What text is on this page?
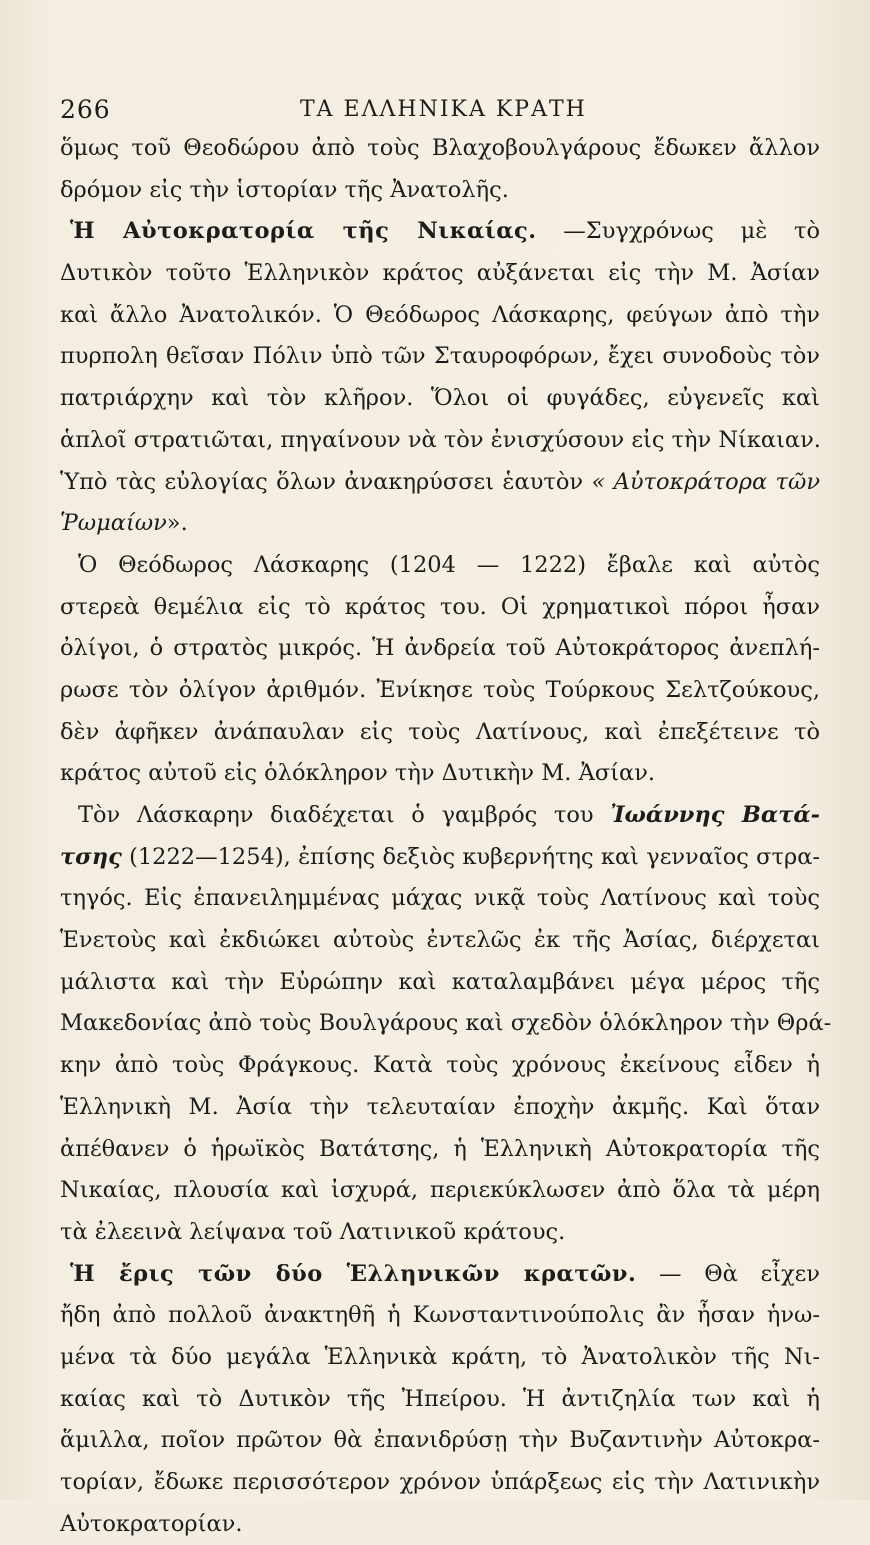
266	ΤΑ ΕΛΛΗΝΙΚΑ ΚΡΑΤΗ
ὅμως τοῦ Θεοδώρου ἀπὸ τοὺς Βλαχοβουλγάρους ἔδωκεν ἄλλον
δρόμον εἰς τὴν ἱστορίαν τῆς Ἀνατολῆς.
Ἡ Αὐτοκρατορία τῆς Νικαίας. —Συγχρόνως μὲ τὸ
Δυτικὸν τοῦτο Ἑλληνικὸν κράτος αὐξάνεται εἰς τὴν Μ. Ἀσίαν
καὶ ἄλλο Ἀνατολικόν. Ὁ Θεόδωρος Λάσκαρης, φεύγων ἀπὸ τὴν
πυρπολη θεῖσαν Πόλιν ὑπὸ τῶν Σταυροφόρων, ἔχει συνοδοὺς τὸν
πατριάρχην καὶ τὸν κλῆρον. Ὅλοι οἱ φυγάδες, εὐγενεῖς καὶ
ἁπλοῖ στρατιῶται, πηγαίνουν νὰ τὸν ἐνισχύσουν εἰς τὴν Νίκαιαν.
Ὑπὸ τὰς εὐλογίας ὅλων ἀνακηρύσσει ἑαυτὸν « Αὐτοκράτορα τῶν
Ῥωμαίων».
Ὁ Θεόδωρος Λάσκαρης (1204 — 1222) ἔβαλε καὶ αὐτὸς
στερεὰ θεμέλια εἰς τὸ κράτος του. Οἱ χρηματικοὶ πόροι ἦσαν
ὀλίγοι, ὁ στρατὸς μικρός. Ἡ ἀνδρεία τοῦ Αὐτοκράτορος ἀνεπλή-
ρωσε τὸν ὀλίγον ἀριθμόν. Ἐνίκησε τοὺς Τούρκους Σελτζούκους,
δὲν ἀφῆκεν ἀνάπαυλαν εἰς τοὺς Λατίνους, καὶ ἐπεξέτεινε τὸ
κράτος αὐτοῦ εἰς ὁλόκληρον τὴν Δυτικὴν Μ. Ἀσίαν.
Τὸν Λάσκαρην διαδέχεται ὁ γαμβρός του Ἰωάννης Βατά-
τσης (1222—1254), ἐπίσης δεξιὸς κυβερνήτης καὶ γενναῖος στρα-
τηγός. Εἰς ἐπανειλημμένας μάχας νικᾷ τοὺς Λατίνους καὶ τοὺς
Ἑνετοὺς καὶ ἐκδιώκει αὐτοὺς ἐντελῶς ἐκ τῆς Ἀσίας, διέρχεται
μάλιστα καὶ τὴν Εὐρώπην καὶ καταλαμβάνει μέγα μέρος τῆς
Μακεδονίας ἀπὸ τοὺς Βουλγάρους καὶ σχεδὸν ὁλόκληρον τὴν Θρά-
κην ἀπὸ τοὺς Φράγκους. Κατὰ τοὺς χρόνους ἐκείνους εἶδεν ἡ
Ἑλληνικὴ Μ. Ἀσία τὴν τελευταίαν ἐποχὴν ἀκμῆς. Καὶ ὅταν
ἀπέθανεν ὁ ἡρωϊκὸς Βατάτσης, ἡ Ἑλληνικὴ Αὐτοκρατορία τῆς
Νικαίας, πλουσία καὶ ἰσχυρά, περιεκύκλωσεν ἀπὸ ὅλα τὰ μέρη
τὰ ἐλεεινὰ λείψανα τοῦ Λατινικοῦ κράτους.
Ἡ ἔρις τῶν δύο Ἑλληνικῶν κρατῶν. — Θὰ εἶχεν
ἤδη ἀπὸ πολλοῦ ἀνακτηθῆ ἡ Κωνσταντινούπολις ἂν ἦσαν ἡνω-
μένα τὰ δύο μεγάλα Ἑλληνικὰ κράτη, τὸ Ἀνατολικὸν τῆς Νι-
καίας καὶ τὸ Δυτικὸν τῆς Ἠπείρου. Ἡ ἀντιζηλία των καὶ ἡ
ἅμιλλα, ποῖον πρῶτον θὰ ἐπανιδρύσῃ τὴν Βυζαντινὴν Αὐτοκρα-
τορίαν, ἔδωκε περισσότερον χρόνον ὑπάρξεως εἰς τὴν Λατινικὴν
Αὐτοκρατορίαν.
